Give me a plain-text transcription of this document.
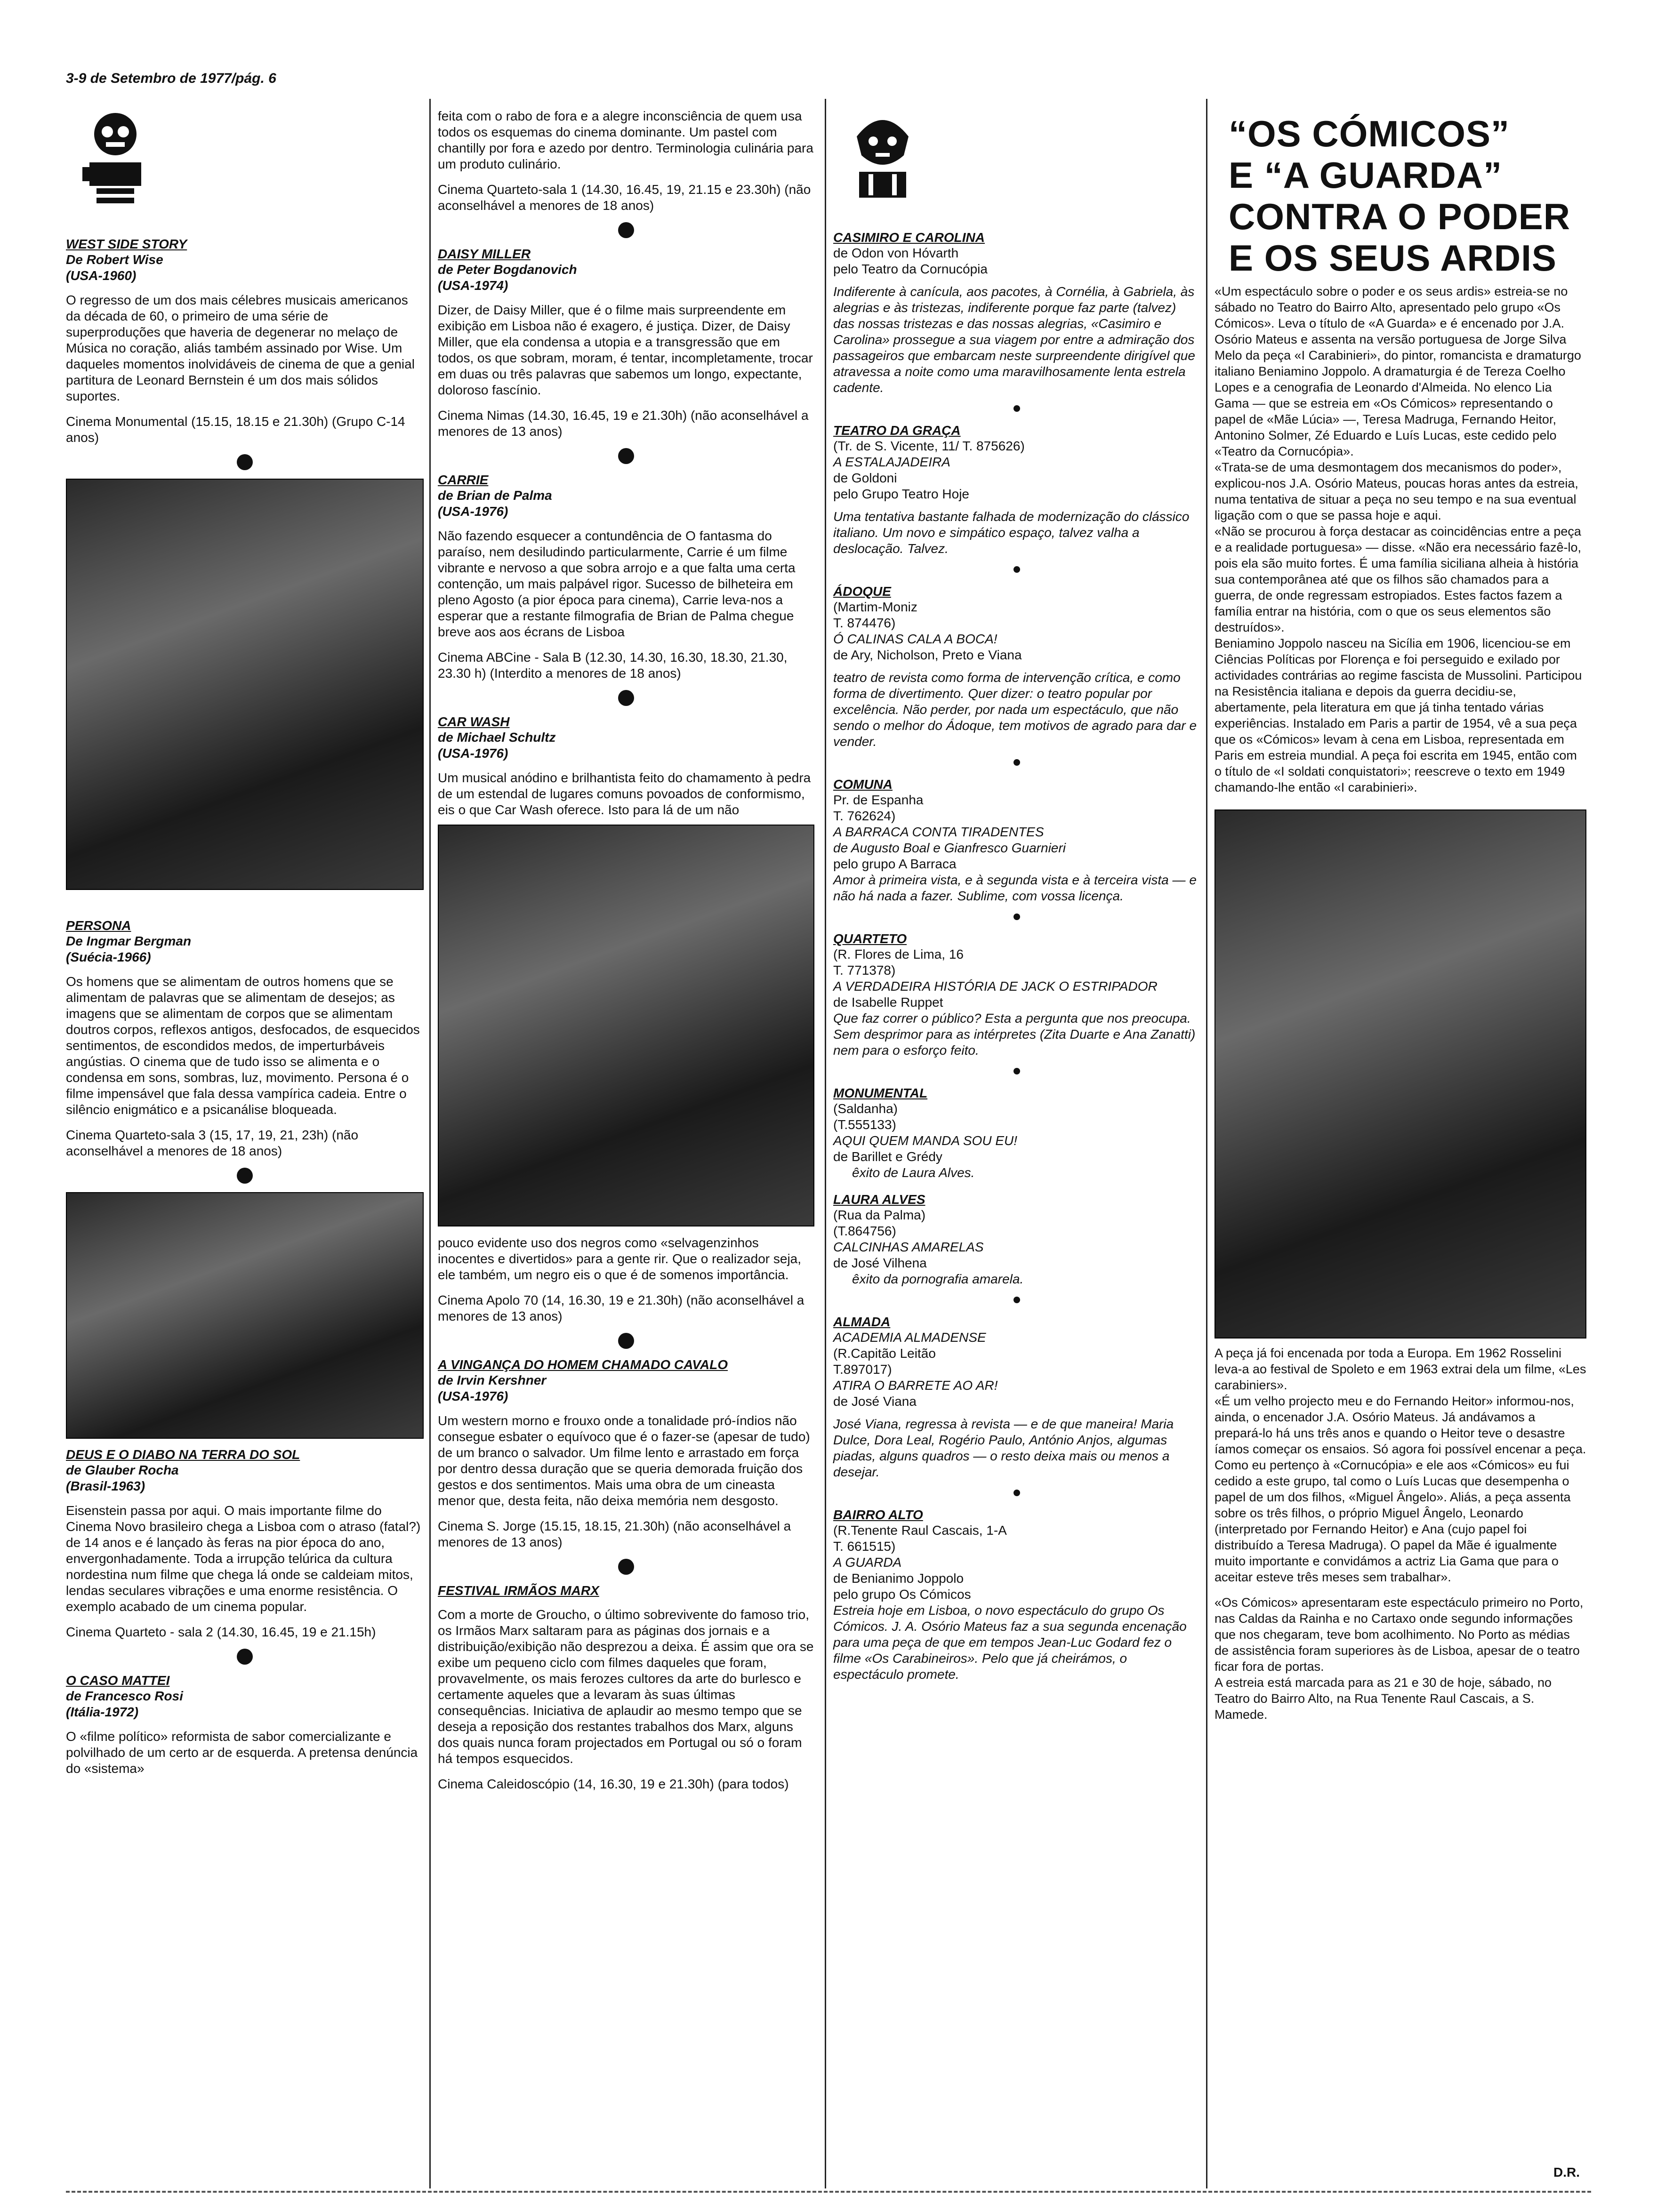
3-9 de Setembro de 1977/pág. 6

WEST SIDE STORY

De Robert Wise

(USA-1960)

O regresso de um dos mais célebres musicais americanos da década de 60, o primeiro de uma série de superproduções que haveria de degenerar no melaço de Música no coração, aliás também assinado por Wise. Um daqueles momentos inolvidáveis de cinema de que a genial partitura de Leonard Bernstein é um dos mais sólidos suportes.

Cinema Monumental (15.15, 18.15 e 21.30h) (Grupo C-14 anos)

PERSONA

De Ingmar Bergman

(Suécia-1966)

Os homens que se alimentam de outros homens que se alimentam de palavras que se alimentam de desejos; as imagens que se alimentam de corpos que se alimentam doutros corpos, reflexos antigos, desfocados, de esquecidos sentimentos, de escondidos medos, de imperturbáveis angústias. O cinema que de tudo isso se alimenta e o condensa em sons, sombras, luz, movimento. Persona é o filme impensável que fala dessa vampírica cadeia. Entre o silêncio enigmático e a psicanálise bloqueada.

Cinema Quarteto-sala 3 (15, 17, 19, 21, 23h) (não aconselhável a menores de 18 anos)

DEUS E O DIABO NA TERRA DO SOL

de Glauber Rocha

(Brasil-1963)

Eisenstein passa por aqui. O mais importante filme do Cinema Novo brasileiro chega a Lisboa com o atraso (fatal?) de 14 anos e é lançado às feras na pior época do ano, envergonhadamente. Toda a irrupção telúrica da cultura nordestina num filme que chega lá onde se caldeiam mitos, lendas seculares vibrações e uma enorme resistência. O exemplo acabado de um cinema popular.

Cinema Quarteto - sala 2 (14.30, 16.45, 19 e 21.15h)

O CASO MATTEI

de Francesco Rosi

(Itália-1972)

O «filme político» reformista de sabor comercializante e polvilhado de um certo ar de esquerda. A pretensa denúncia do «sistema»

feita com o rabo de fora e a alegre inconsciência de quem usa todos os esquemas do cinema dominante. Um pastel com chantilly por fora e azedo por dentro. Terminologia culinária para um produto culinário.

Cinema Quarteto-sala 1 (14.30, 16.45, 19, 21.15 e 23.30h) (não aconselhável a menores de 18 anos)

DAISY MILLER

de Peter Bogdanovich

(USA-1974)

Dizer, de Daisy Miller, que é o filme mais surpreendente em exibição em Lisboa não é exagero, é justiça. Dizer, de Daisy Miller, que ela condensa a utopia e a transgressão que em todos, os que sobram, moram, é tentar, incompletamente, trocar em duas ou três palavras que sabemos um longo, expectante, doloroso fascínio.

Cinema Nimas (14.30, 16.45, 19 e 21.30h) (não aconselhável a menores de 13 anos)

CARRIE

de Brian de Palma

(USA-1976)

Não fazendo esquecer a contundência de O fantasma do paraíso, nem desiludindo particularmente, Carrie é um filme vibrante e nervoso a que sobra arrojo e a que falta uma certa contenção, um mais palpável rigor. Sucesso de bilheteira em pleno Agosto (a pior época para cinema), Carrie leva-nos a esperar que a restante filmografia de Brian de Palma chegue breve aos aos écrans de Lisboa

Cinema ABCine - Sala B (12.30, 14.30, 16.30, 18.30, 21.30, 23.30 h) (Interdito a menores de 18 anos)

CAR WASH

de Michael Schultz

(USA-1976)

Um musical anódino e brilhantista feito do chamamento à pedra de um estendal de lugares comuns povoados de conformismo, eis o que Car Wash oferece. Isto para lá de um não

pouco evidente uso dos negros como «selvagenzinhos inocentes e divertidos» para a gente rir. Que o realizador seja, ele também, um negro eis o que é de somenos importância.

Cinema Apolo 70 (14, 16.30, 19 e 21.30h) (não aconselhável a menores de 13 anos)

A VINGANÇA DO HOMEM CHAMADO CAVALO

de Irvin Kershner

(USA-1976)

Um western morno e frouxo onde a tonalidade pró-índios não consegue esbater o equívoco que é o fazer-se (apesar de tudo) de um branco o salvador. Um filme lento e arrastado em força por dentro dessa duração que se queria demorada fruição dos gestos e dos sentimentos. Mais uma obra de um cineasta menor que, desta feita, não deixa memória nem desgosto.

Cinema S. Jorge (15.15, 18.15, 21.30h) (não aconselhável a menores de 13 anos)

FESTIVAL IRMÃOS MARX

Com a morte de Groucho, o último sobrevivente do famoso trio, os Irmãos Marx saltaram para as páginas dos jornais e a distribuição/exibição não desprezou a deixa. É assim que ora se exibe um pequeno ciclo com filmes daqueles que foram, provavelmente, os mais ferozes cultores da arte do burlesco e certamente aqueles que a levaram às suas últimas consequências. Iniciativa de aplaudir ao mesmo tempo que se deseja a reposição dos restantes trabalhos dos Marx, alguns dos quais nunca foram projectados em Portugal ou só o foram há tempos esquecidos.

Cinema Caleidoscópio (14, 16.30, 19 e 21.30h) (para todos)

CASIMIRO E CAROLINA

de Odon von Hóvarth

pelo Teatro da Cornucópia

Indiferente à canícula, aos pacotes, à Cornélia, à Gabriela, às alegrias e às tristezas, indiferente porque faz parte (talvez) das nossas tristezas e das nossas alegrias, «Casimiro e Carolina» prossegue a sua viagem por entre a admiração dos passageiros que embarcam neste surpreendente dirigível que atravessa a noite como uma maravilhosamente lenta estrela cadente.

TEATRO DA GRAÇA

(Tr. de S. Vicente, 11/ T. 875626)

A ESTALAJADEIRA

de Goldoni

pelo Grupo Teatro Hoje

Uma tentativa bastante falhada de modernização do clássico italiano. Um novo e simpático espaço, talvez valha a deslocação. Talvez.

ÁDOQUE

(Martim-Moniz

T. 874476)

Ó CALINAS CALA A BOCA!

de Ary, Nicholson, Preto e Viana

teatro de revista como forma de intervenção crítica, e como forma de divertimento. Quer dizer: o teatro popular por excelência. Não perder, por nada um espectáculo, que não sendo o melhor do Ádoque, tem motivos de agrado para dar e vender.

COMUNA

Pr. de Espanha

T. 762624)

A BARRACA CONTA TIRADENTES

de Augusto Boal e Gianfresco Guarnieri

pelo grupo A Barraca

Amor à primeira vista, e à segunda vista e à terceira vista — e não há nada a fazer. Sublime, com vossa licença.

QUARTETO

(R. Flores de Lima, 16

T. 771378)

A VERDADEIRA HISTÓRIA DE JACK O ESTRIPADOR

de Isabelle Ruppet

Que faz correr o público? Esta a pergunta que nos preocupa. Sem desprimor para as intérpretes (Zita Duarte e Ana Zanatti) nem para o esforço feito.

MONUMENTAL

(Saldanha)

(T.555133)

AQUI QUEM MANDA SOU EU!

de Barillet e Grédy

êxito de Laura Alves.

LAURA ALVES

(Rua da Palma)

(T.864756)

CALCINHAS AMARELAS

de José Vilhena

êxito da pornografia amarela.

ALMADA

ACADEMIA ALMADENSE

(R.Capitão Leitão

T.897017)

ATIRA O BARRETE AO AR!

de José Viana

José Viana, regressa à revista — e de que maneira! Maria Dulce, Dora Leal, Rogério Paulo, António Anjos, algumas piadas, alguns quadros — o resto deixa mais ou menos a desejar.

BAIRRO ALTO

(R.Tenente Raul Cascais, 1-A

T. 661515)

A GUARDA

de Benianimo Joppolo

pelo grupo Os Cómicos

Estreia hoje em Lisboa, o novo espectáculo do grupo Os Cómicos. J. A. Osório Mateus faz a sua segunda encenação para uma peça de que em tempos Jean-Luc Godard fez o filme «Os Carabineiros». Pelo que já cheirámos, o espectáculo promete.

“OS CÓMICOS”
E “A GUARDA”
CONTRA O PODER
E OS SEUS ARDIS

«Um espectáculo sobre o poder e os seus ardis» estreia-se no sábado no Teatro do Bairro Alto, apresentado pelo grupo «Os Cómicos». Leva o título de «A Guarda» e é encenado por J.A. Osório Mateus e assenta na versão portuguesa de Jorge Silva Melo da peça «I Carabinieri», do pintor, romancista e dramaturgo italiano Beniamino Joppolo. A dramaturgia é de Tereza Coelho Lopes e a cenografia de Leonardo d'Almeida. No elenco Lia Gama — que se estreia em «Os Cómicos» representando o papel de «Mãe Lúcia» —, Teresa Madruga, Fernando Heitor, Antonino Solmer, Zé Eduardo e Luís Lucas, este cedido pelo «Teatro da Cornucópia».

«Trata-se de uma desmontagem dos mecanismos do poder», explicou-nos J.A. Osório Mateus, poucas horas antes da estreia, numa tentativa de situar a peça no seu tempo e na sua eventual ligação com o que se passa hoje e aqui.

«Não se procurou à força destacar as coincidências entre a peça e a realidade portuguesa» — disse. «Não era necessário fazê-lo, pois ela são muito fortes. É uma família siciliana alheia à história sua contemporânea até que os filhos são chamados para a guerra, de onde regressam estropiados. Estes factos fazem a família entrar na história, com o que os seus elementos são destruídos».

Beniamino Joppolo nasceu na Sicília em 1906, licenciou-se em Ciências Políticas por Florença e foi perseguido e exilado por actividades contrárias ao regime fascista de Mussolini. Participou na Resistência italiana e depois da guerra decidiu-se, abertamente, pela literatura em que já tinha tentado várias experiências. Instalado em Paris a partir de 1954, vê a sua peça que os «Cómicos» levam à cena em Lisboa, representada em Paris em estreia mundial. A peça foi escrita em 1945, então com o título de «I soldati conquistatori»; reescreve o texto em 1949 chamando-lhe então «I carabinieri».

A peça já foi encenada por toda a Europa. Em 1962 Rosselini leva-a ao festival de Spoleto e em 1963 extrai dela um filme, «Les carabiniers».

«É um velho projecto meu e do Fernando Heitor» informou-nos, ainda, o encenador J.A. Osório Mateus. Já andávamos a prepará-lo há uns três anos e quando o Heitor teve o desastre íamos começar os ensaios. Só agora foi possível encenar a peça. Como eu pertenço à «Cornucópia» e ele aos «Cómicos» eu fui cedido a este grupo, tal como o Luís Lucas que desempenha o papel de um dos filhos, «Miguel Ângelo». Aliás, a peça assenta sobre os três filhos, o próprio Miguel Ângelo, Leonardo (interpretado por Fernando Heitor) e Ana (cujo papel foi distribuído a Teresa Madruga). O papel da Mãe é igualmente muito importante e convidámos a actriz Lia Gama que para o aceitar esteve três meses sem trabalhar».

«Os Cómicos» apresentaram este espectáculo primeiro no Porto, nas Caldas da Rainha e no Cartaxo onde segundo informações que nos chegaram, teve bom acolhimento. No Porto as médias de assistência foram superiores às de Lisboa, apesar de o teatro ficar fora de portas.

A estreia está marcada para as 21 e 30 de hoje, sábado, no Teatro do Bairro Alto, na Rua Tenente Raul Cascais, a S. Mamede.

D.R.
